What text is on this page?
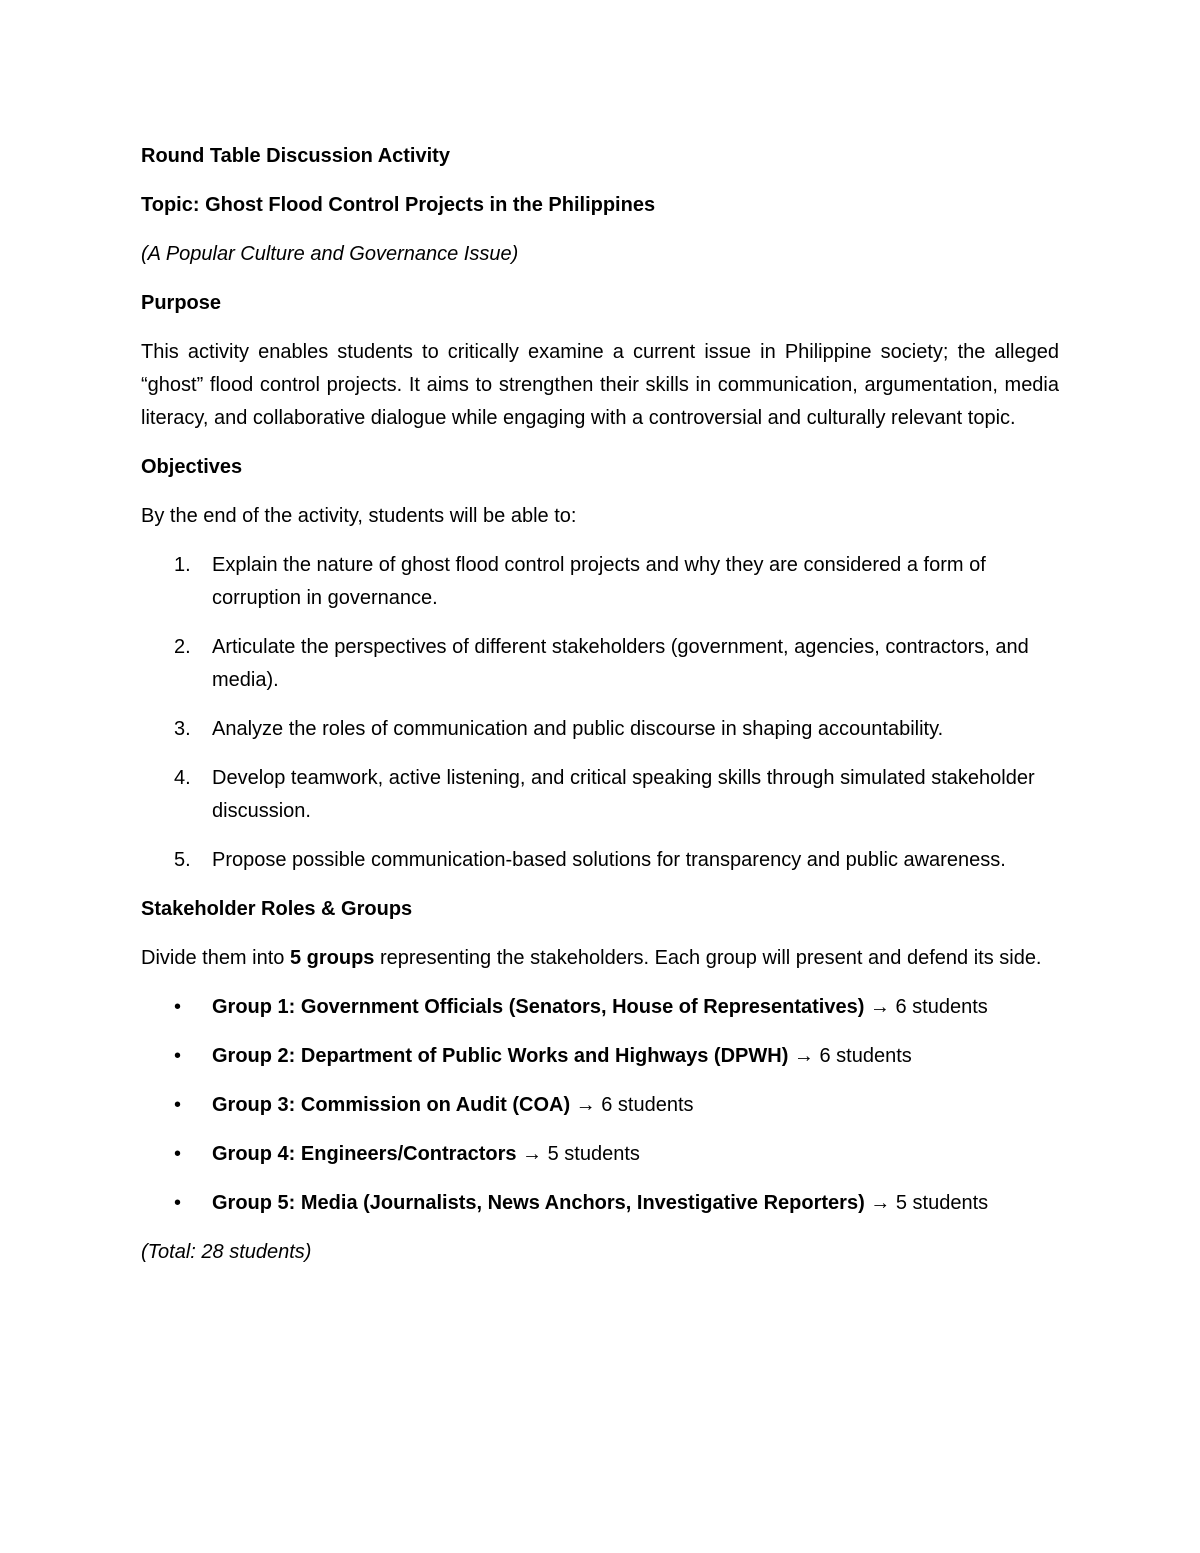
Round Table Discussion Activity

Topic: Ghost Flood Control Projects in the Philippines

(A Popular Culture and Governance Issue)

Purpose

This activity enables students to critically examine a current issue in Philippine society; the alleged “ghost” flood control projects. It aims to strengthen their skills in communication, argumentation, media literacy, and collaborative dialogue while engaging with a controversial and culturally relevant topic.

Objectives

By the end of the activity, students will be able to:

1. Explain the nature of ghost flood control projects and why they are considered a form of corruption in governance.
2. Articulate the perspectives of different stakeholders (government, agencies, contractors, and media).
3. Analyze the roles of communication and public discourse in shaping accountability.
4. Develop teamwork, active listening, and critical speaking skills through simulated stakeholder discussion.
5. Propose possible communication-based solutions for transparency and public awareness.

Stakeholder Roles & Groups

Divide them into 5 groups representing the stakeholders. Each group will present and defend its side.

• Group 1: Government Officials (Senators, House of Representatives) → 6 students
• Group 2: Department of Public Works and Highways (DPWH) → 6 students
• Group 3: Commission on Audit (COA) → 6 students
• Group 4: Engineers/Contractors → 5 students
• Group 5: Media (Journalists, News Anchors, Investigative Reporters) → 5 students

(Total: 28 students)
